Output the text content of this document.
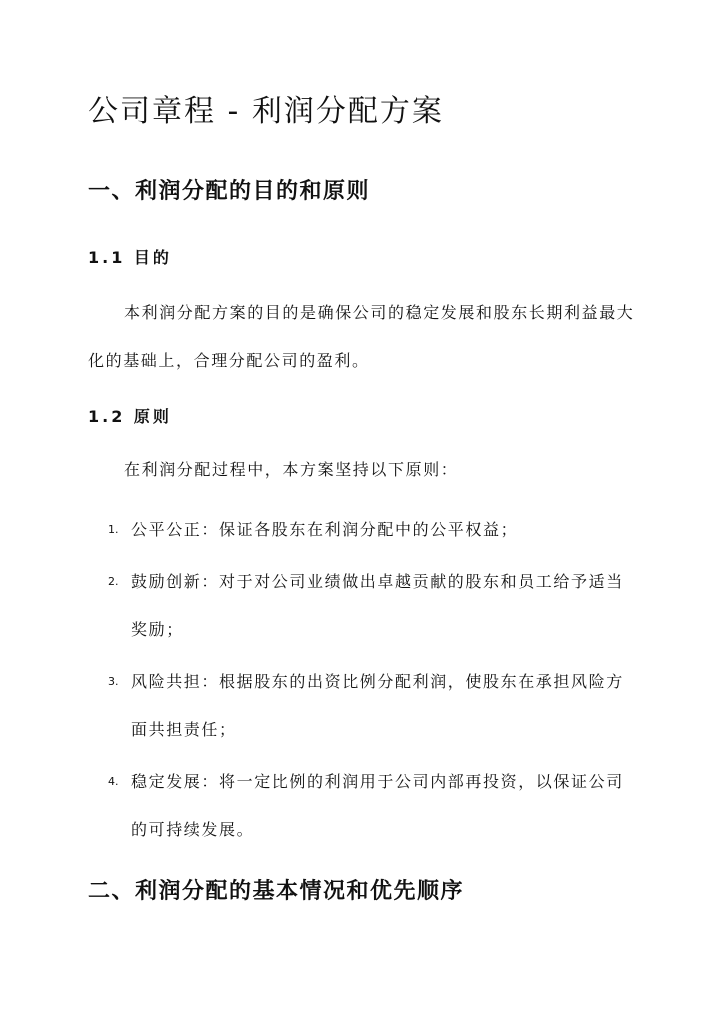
公司章程 - 利润分配方案
一、利润分配的目的和原则
1.1 目的

本利润分配方案的目的是确保公司的稳定发展和股东长期利益最大化的基础上，合理分配公司的盈利。

1.2 原则

在利润分配过程中，本方案坚持以下原则：

1. 公平公正：保证各股东在利润分配中的公平权益；
2. 鼓励创新：对于对公司业绩做出卓越贡献的股东和员工给予适当奖励；
3. 风险共担：根据股东的出资比例分配利润，使股东在承担风险方面共担责任；
4. 稳定发展：将一定比例的利润用于公司内部再投资，以保证公司的可持续发展。
二、利润分配的基本情况和优先顺序
